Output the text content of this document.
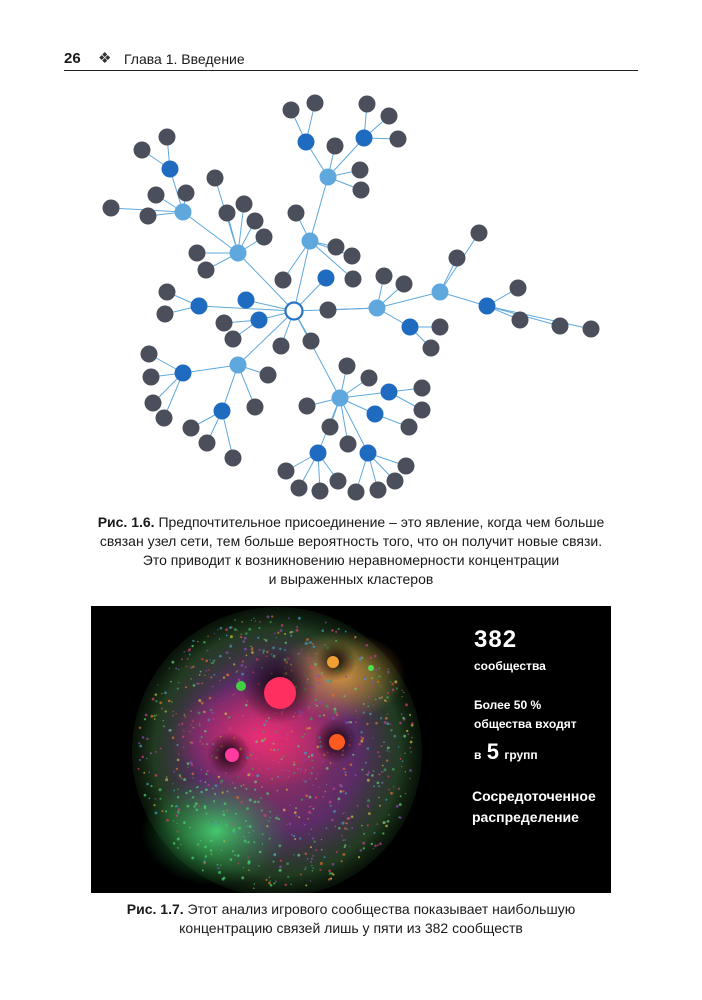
26 ❖ Глава 1. Введение
Рис. 1.6. Предпочтительное присоединение – это явление, когда чем больше
связан узел сети, тем больше вероятность того, что он получит новые связи.
Это приводит к возникновению неравномерности концентрации
и выраженных кластеров
382
сообщества
Более 50 %
общества входят
в 5 групп
Сосредоточенное
распределение
Рис. 1.7. Этот анализ игрового сообщества показывает наибольшую
концентрацию связей лишь у пяти из 382 сообществ
